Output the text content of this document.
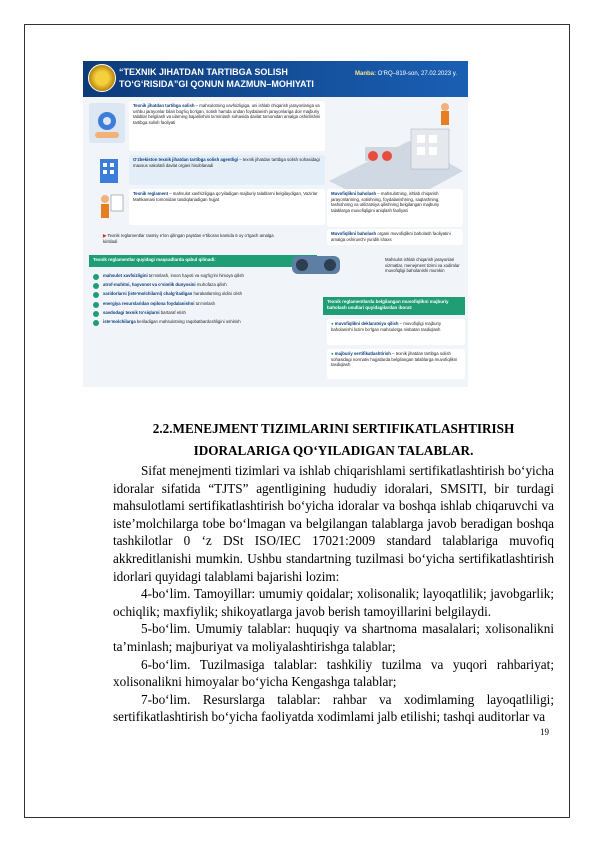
“TEXNIK JIHATDAN TARTIBGA SOLISH
TO‘G‘RISIDA”GI QONUN MAZMUN–MOHIYATI
Manba: O‘RQ–819-son, 27.02.2023 y.
Texnik jihatdan tartibga solish – mahsulotning xavfsizligiga, uni ishlab chiqarish jarayonlariga va ushbu jarayonlar bilan bog‘liq bo‘lgan, sotish hamda undan foydalanish jarayonlariga doir majburiy talablar belgilash va ularning bajarilishini ta’minlash sohasida davlat tomonidan amalga oshirilishini tartibga solish faoliyati
O‘zbekiston texnik jihatdan tartibga solish agentligi – texnik jihatdan tartibga solish sohasidagi maxsus vakolatli davlat organi hisoblanadi
Texnik reglament – mahsulot xavfsizligiga qo‘yiladigan majburiy talablarni belgilaydigan, Vazirlar Mahkamasi tomonidan tasdiqlanadigan hujjat
Muvofiqlikni baholash – mahsulotning, ishlab chiqarish jarayonlarining, sotishning, foydalanishning, saqlashning, tashishning va utilizatsiya qilishning belgilangan majburiy talablarga muvofiqligini aniqlash faoliyati
▶ Texnik reglamentlar rasmiy e’lon qilingan paytdan e’tiboran kamida 6 oy o‘tgach amalga kiritiladi
Texnik reglamentlar quyidagi maqsadlarda qabul qilinadi:
mahsulot xavfsizligini ta’minlash, inson hayoti va sog‘lig‘ini himoya qilish
atrof-muhitni, hayvonot va o‘simlik dunyosini muhofaza qilish
xaridorlarni (iste’molchilarni) chalg‘itadigan harakatlarning oldini olish
energiya resurslaridan oqilona foydalanishni ta’minlash
savdodagi texnik to‘siqlarni bartaraf etish
iste’molchilarga beriladigan mahsulotning raqobatbardoshligini oshirish
Muvofiqlikni baholash organi muvofiqlikni baholash faoliyatini amalga oshiruvchi yuridik shaxs
Mahsulot ishlab chiqarish jarayonlari xizmatlar, menejment tizimi va xodimlar muvofiqligi baholanishi mumkin
Texnik reglamentlarda belgilangan muvofiqlikni majburiy baholash usullari quyidagilardan iborat:
● muvofiqlikni deklaratsiya qilish – muvofiqligi majburiy baholanishi lozim bo‘lgan mahsulotga nisbatan tasdiqlash
● majburiy sertifikatlashtirish – texnik jihatdan tartibga solish sohasidagi normativ hujjatlarda belgilangan talablarga muvofiqlikni tasdiqlash

2.2.MENEJMENT TIZIMLARINI SERTIFIKATLASHTIRISH
IDORALARIGA QO‘YILADIGAN TALABLAR.

Sifat menejmenti tizimlari va ishlab chiqarishlami sertifikatlashtirish bo‘yicha idoralar sifatida “TJTS” agentligining hududiy idoralari, SMSITI, bir turdagi mahsulotlami sertifikatlashtirish bo‘yicha idoralar va boshqa ishlab chiqaruvchi va iste’molchilarga tobe bo‘lmagan va belgilangan talablarga javob beradigan boshqa tashkilotlar 0 ‘z DSt ISO/IEC 17021:2009 standard talablariga muvofiq akkreditlanishi mumkin. Ushbu standartning tuzilmasi bo‘yicha sertifikatlashtirish idorlari quyidagi talablami bajarishi lozim:

4-bo‘lim. Tamoyillar: umumiy qoidalar; xolisonalik; layoqatlilik; javobgarlik; ochiqlik; maxfiylik; shikoyatlarga javob berish tamoyillarini belgilaydi.

5-bo‘lim. Umumiy talablar: huquqiy va shartnoma masalalari; xolisonalikni ta’minlash; majburiyat va moliyalashtirishga talablar;

6-bo‘lim. Tuzilmasiga talablar: tashkiliy tuzilma va yuqori rahbariyat; xolisonalikni himoyalar bo‘yicha Kengashga talablar;

7-bo‘lim. Resurslarga talablar: rahbar va xodimlaming layoqatliligi; sertifikatlashtirish bo‘yicha faoliyatda xodimlami jalb etilishi; tashqi auditorlar va

19
